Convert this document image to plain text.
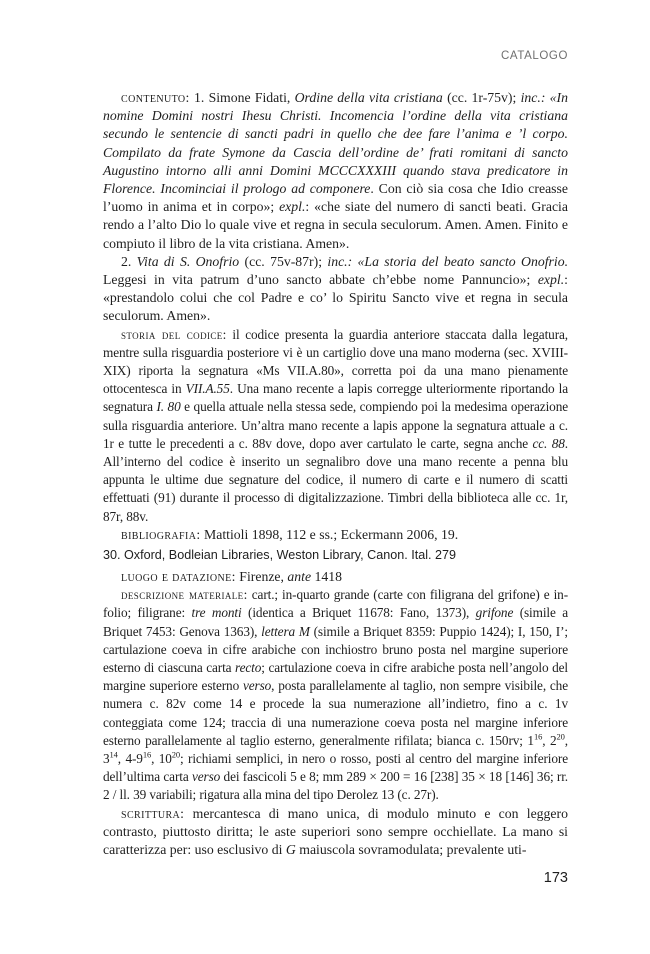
CATALOGO

contenuto: 1. Simone Fidati, Ordine della vita cristiana (cc. 1r-75v); inc.: «In nomine Domini nostri Ihesu Christi. Incomencia l’ordine della vita cristiana secundo le sentencie di sancti padri in quello che dee fare l’anima e ’l corpo. Compilato da frate Symone da Cascia dell’ordine de’ frati romitani di sancto Augustino intorno alli anni Domini MCCCXXXIII quando stava predicatore in Florence. Incominciai il prologo ad componere. Con ciò sia cosa che Idio creasse l’uomo in anima et in corpo»; expl.: «che siate del numero di sancti beati. Gracia rendo a l’alto Dio lo quale vive et regna in secula seculorum. Amen. Amen. Finito e compiuto il libro de la vita cristiana. Amen».

2. Vita di S. Onofrio (cc. 75v-87r); inc.: «La storia del beato sancto Onofrio. Leggesi in vita patrum d’uno sancto abbate ch’ebbe nome Pannuncio»; expl.: «prestandolo colui che col Padre e co’ lo Spiritu Sancto vive et regna in secula seculorum. Amen».

storia del codice: il codice presenta la guardia anteriore staccata dalla legatura, mentre sulla risguardia posteriore vi è un cartiglio dove una mano moderna (sec. XVIII-XIX) riporta la segnatura «Ms VII.A.80», corretta poi da una mano pienamente ottocentesca in VII.A.55. Una mano recente a lapis corregge ulteriormente riportando la segnatura I. 80 e quella attuale nella stessa sede, compiendo poi la medesima operazione sulla risguardia anteriore. Un’altra mano recente a lapis appone la segnatura attuale a c. 1r e tutte le precedenti a c. 88v dove, dopo aver cartulato le carte, segna anche cc. 88. All’interno del codice è inserito un segnalibro dove una mano recente a penna blu appunta le ultime due segnature del codice, il numero di carte e il numero di scatti effettuati (91) durante il processo di digitalizzazione. Timbri della biblioteca alle cc. 1r, 87r, 88v.

bibliografia: Mattioli 1898, 112 e ss.; Eckermann 2006, 19.

30. Oxford, Bodleian Libraries, Weston Library, Canon. Ital. 279

luogo e datazione: Firenze, ante 1418

descrizione materiale: cart.; in-quarto grande (carte con filigrana del grifone) e in-folio; filigrane: tre monti (identica a Briquet 11678: Fano, 1373), grifone (simile a Briquet 7453: Genova 1363), lettera M (simile a Briquet 8359: Puppio 1424); I, 150, I’; cartulazione coeva in cifre arabiche con inchiostro bruno posta nel margine superiore esterno di ciascuna carta recto; cartulazione coeva in cifre arabiche posta nell’angolo del margine superiore esterno verso, posta parallelamente al taglio, non sempre visibile, che numera c. 82v come 14 e procede la sua numerazione all’indietro, fino a c. 1v conteggiata come 124; traccia di una numerazione coeva posta nel margine inferiore esterno parallelamente al taglio esterno, generalmente rifilata; bianca c. 150rv; $1^{16}$, $2^{20}$, $3^{14}$, $4-9^{16}$, $10^{20}$; richiami semplici, in nero o rosso, posti al centro del margine inferiore dell’ultima carta verso dei fascicoli 5 e 8; mm 289 × 200 = 16 [238] 35 × 18 [146] 36; rr. 2 / ll. 39 variabili; rigatura alla mina del tipo Derolez 13 (c. 27r).

scrittura: mercantesca di mano unica, di modulo minuto e con leggero contrasto, piuttosto diritta; le aste superiori sono sempre occhiellate. La mano si caratterizza per: uso esclusivo di G maiuscola sovramodulata; prevalente uti-

173
